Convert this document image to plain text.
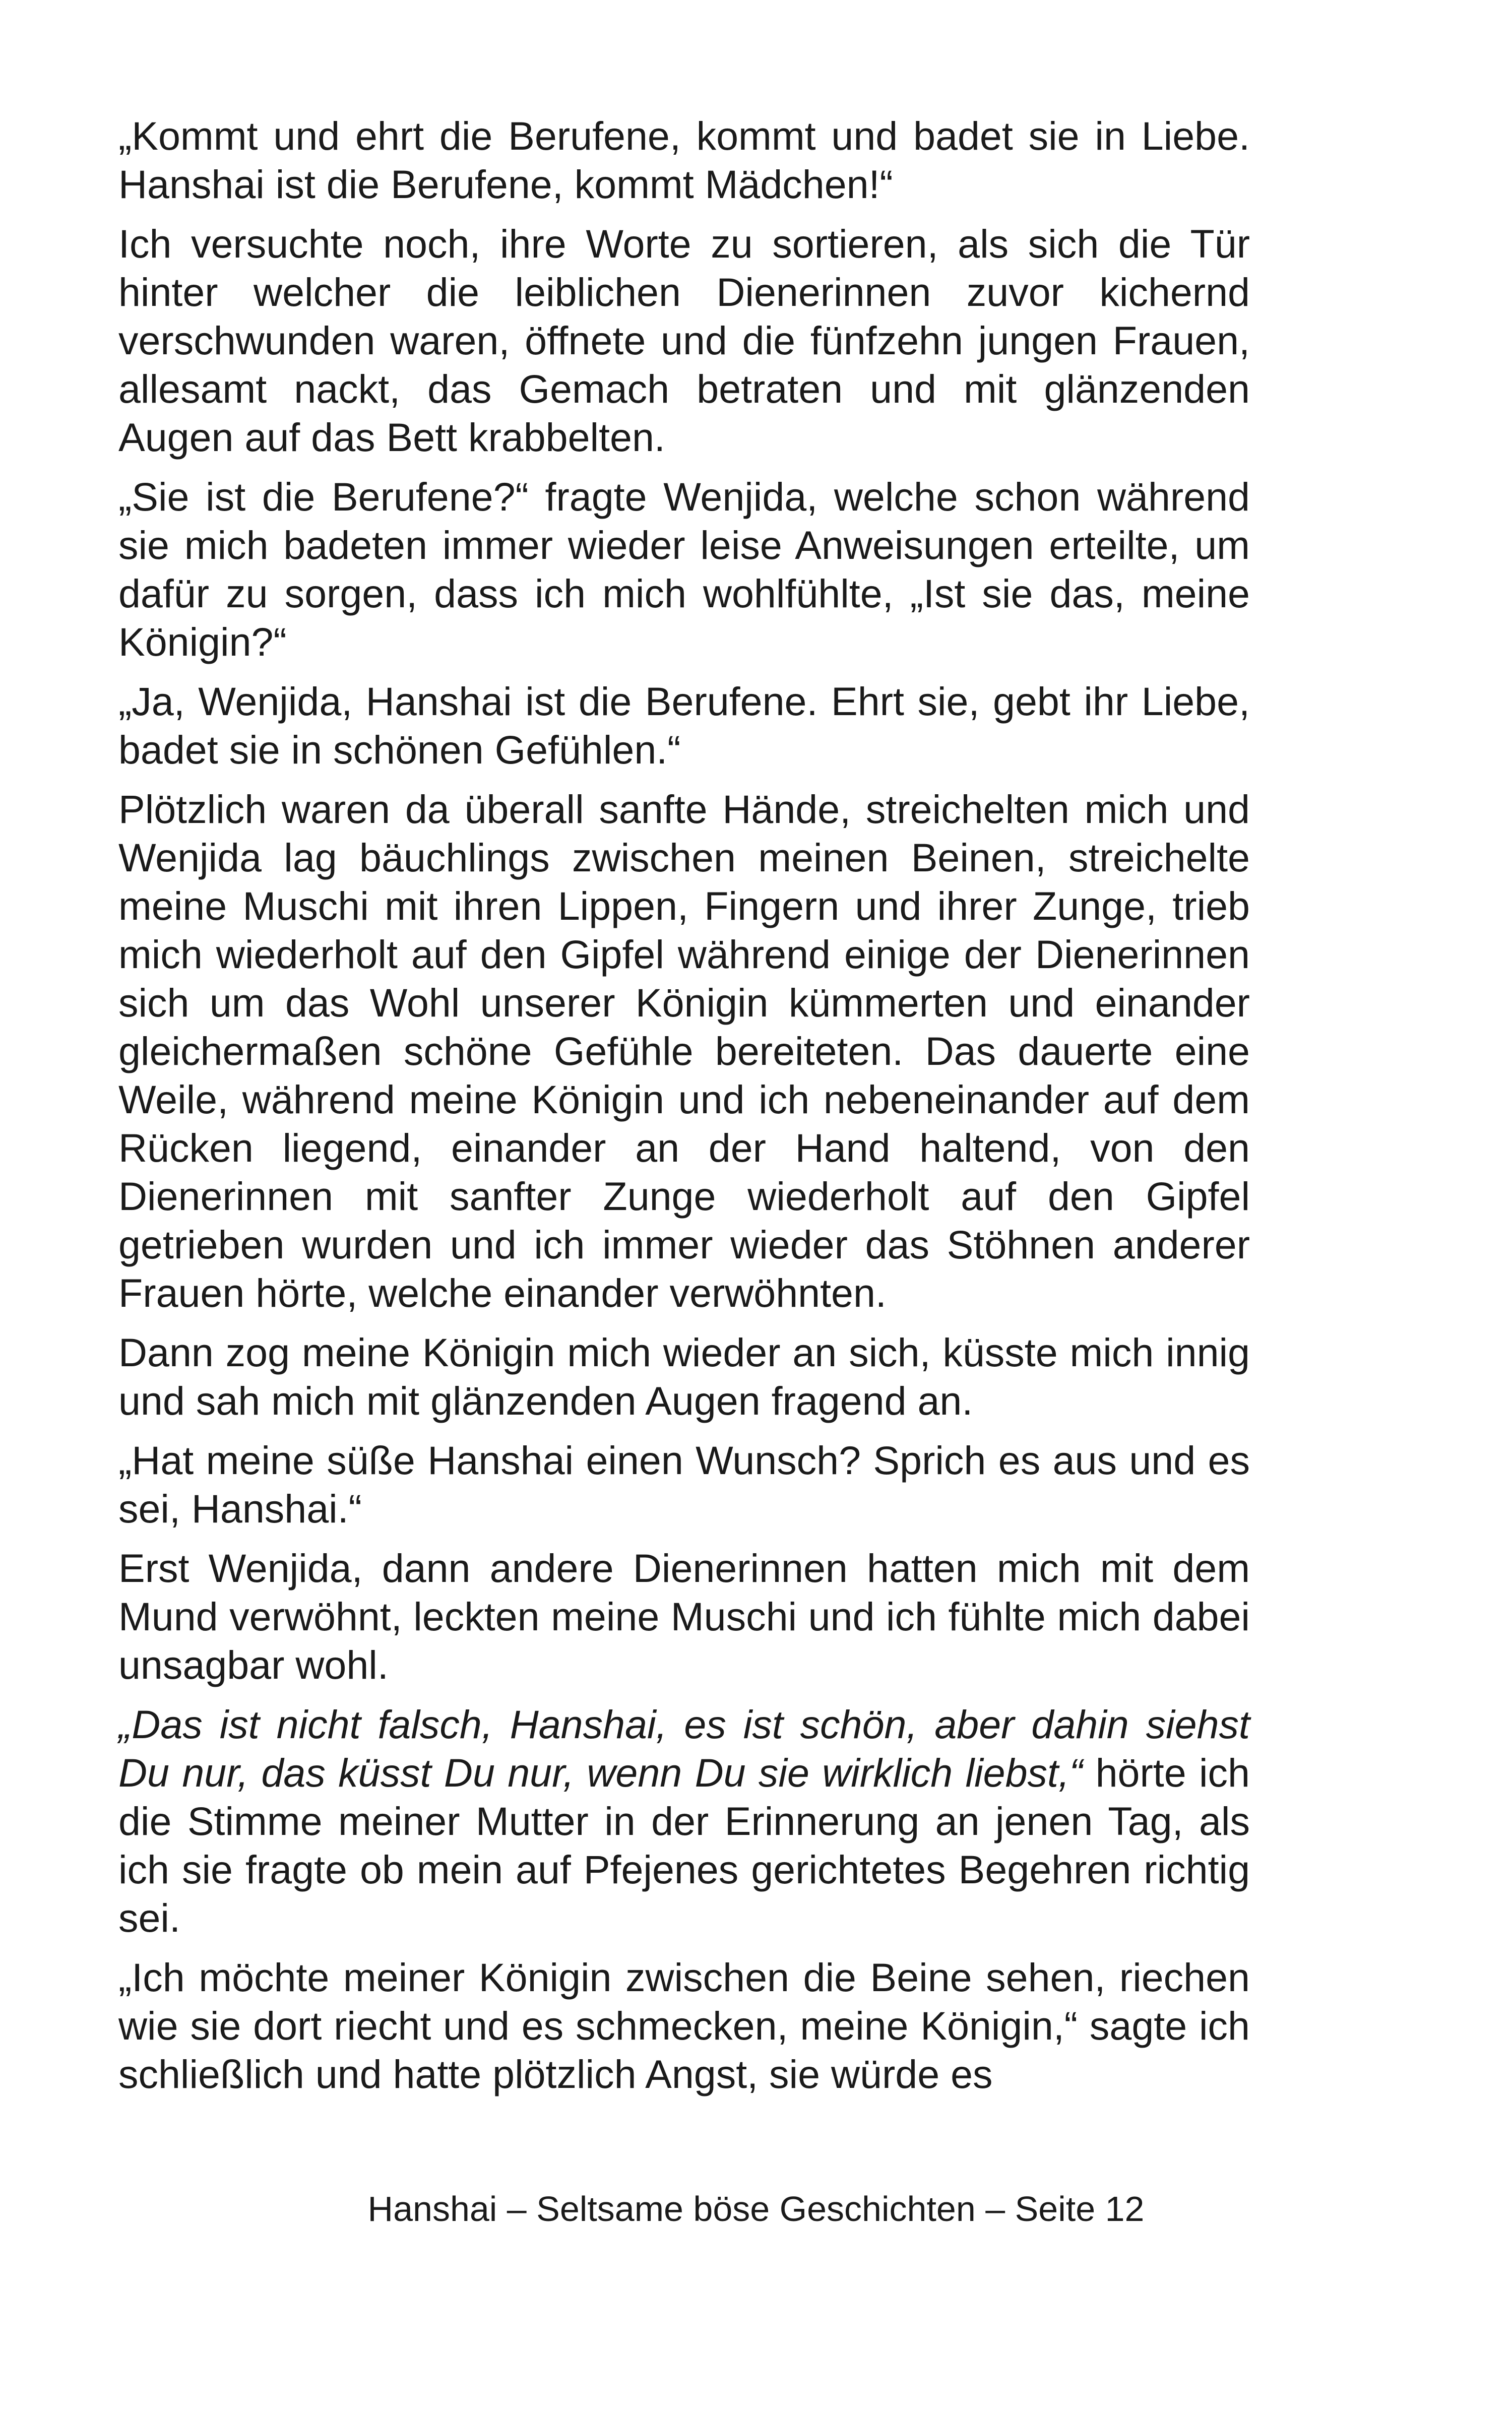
„Kommt und ehrt die Berufene, kommt und badet sie in Liebe. Hanshai ist die Berufene, kommt Mädchen!“

Ich versuchte noch, ihre Worte zu sortieren, als sich die Tür hinter welcher die leiblichen Dienerinnen zuvor kichernd verschwunden waren, öffnete und die fünfzehn jungen Frauen, allesamt nackt, das Gemach betraten und mit glänzenden Augen auf das Bett krabbelten.

„Sie ist die Berufene?“ fragte Wenjida, welche schon während sie mich badeten immer wieder leise Anweisungen erteilte, um dafür zu sorgen, dass ich mich wohlfühlte, „Ist sie das, meine Königin?“

„Ja, Wenjida, Hanshai ist die Berufene. Ehrt sie, gebt ihr Liebe, badet sie in schönen Gefühlen.“

Plötzlich waren da überall sanfte Hände, streichelten mich und Wenjida lag bäuchlings zwischen meinen Beinen, streichelte meine Muschi mit ihren Lippen, Fingern und ihrer Zunge, trieb mich wiederholt auf den Gipfel während einige der Dienerinnen sich um das Wohl unserer Königin kümmerten und einander gleichermaßen schöne Gefühle bereiteten. Das dauerte eine Weile, während meine Königin und ich nebeneinander auf dem Rücken liegend, einander an der Hand haltend, von den Dienerinnen mit sanfter Zunge wiederholt auf den Gipfel getrieben wurden und ich immer wieder das Stöhnen anderer Frauen hörte, welche einander verwöhnten.

Dann zog meine Königin mich wieder an sich, küsste mich innig und sah mich mit glänzenden Augen fragend an.

„Hat meine süße Hanshai einen Wunsch? Sprich es aus und es sei, Hanshai.“

Erst Wenjida, dann andere Dienerinnen hatten mich mit dem Mund verwöhnt, leckten meine Muschi und ich fühlte mich dabei unsagbar wohl.

„Das ist nicht falsch, Hanshai, es ist schön, aber dahin siehst Du nur, das küsst Du nur, wenn Du sie wirklich liebst,“ hörte ich die Stimme meiner Mutter in der Erinnerung an jenen Tag, als ich sie fragte ob mein auf Pfejenes gerichtetes Begehren richtig sei.

„Ich möchte meiner Königin zwischen die Beine sehen, riechen wie sie dort riecht und es schmecken, meine Königin,“ sagte ich schließlich und hatte plötzlich Angst, sie würde es

Hanshai – Seltsame böse Geschichten – Seite 12
